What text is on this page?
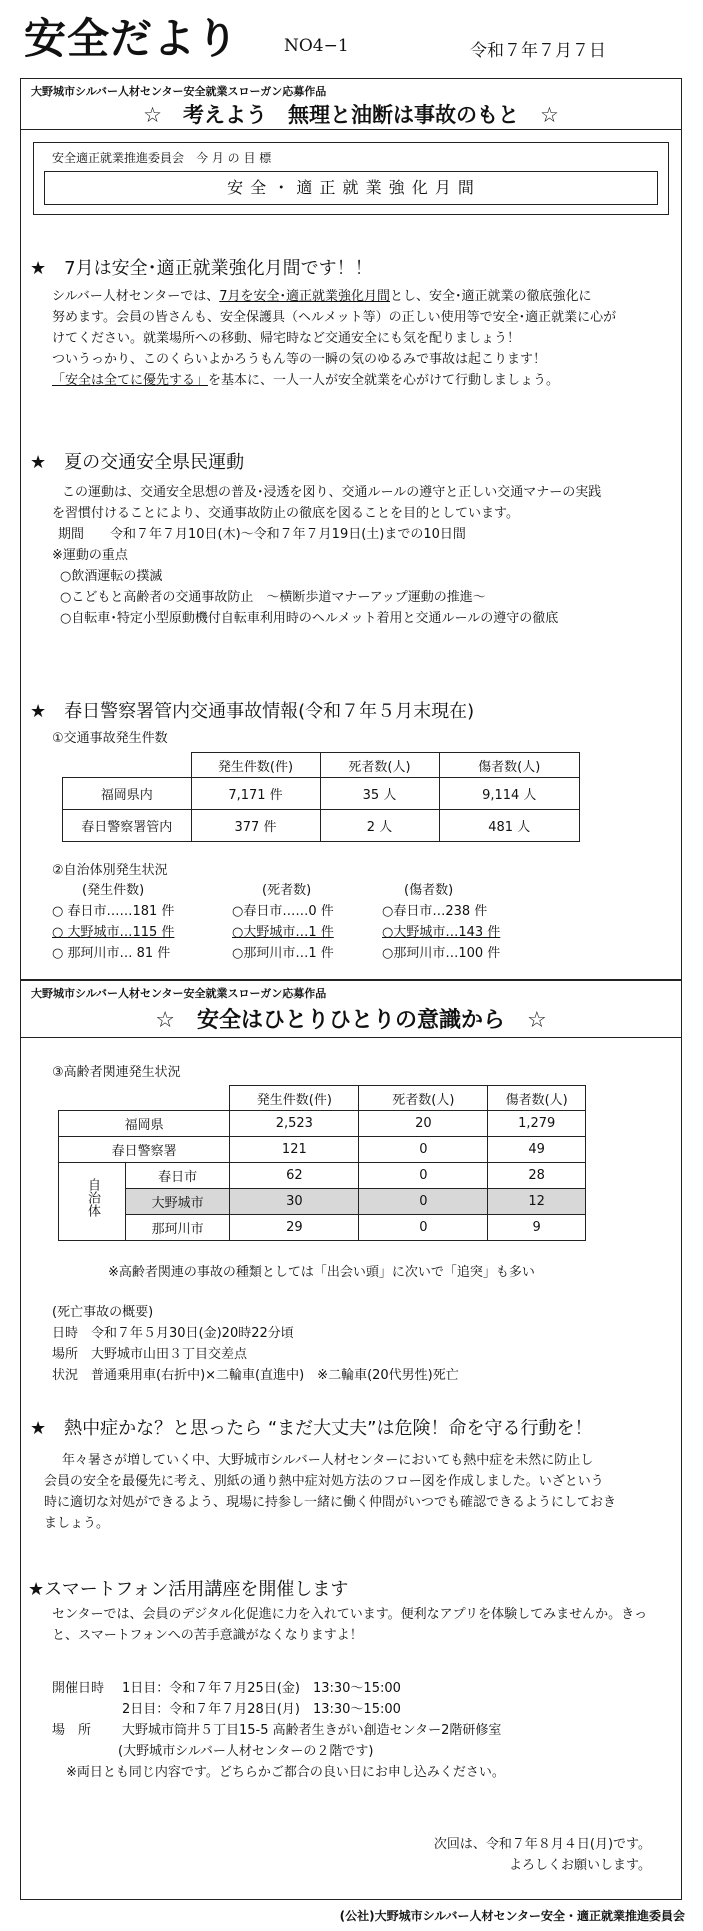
安全だより	NO4−1	令和７年７月７日
大野城市シルバー人材センター安全就業スローガン応募作品
☆　考えよう　無理と油断は事故のもと　☆
安全適正就業推進委員会　今 月 の 目 標
安 全 ・ 適 正 就 業 強 化 月 間
★　7月は安全･適正就業強化月間です！！
シルバー人材センターでは、7月を安全･適正就業強化月間とし、安全･適正就業の徹底強化に
努めます。会員の皆さんも、安全保護具（ヘルメット等）の正しい使用等で安全･適正就業に心が
けてください。就業場所への移動、帰宅時など交通安全にも気を配りましょう！
ついうっかり、このくらいよかろうもん等の一瞬の気のゆるみで事故は起こります！
「安全は全てに優先する」を基本に、一人一人が安全就業を心がけて行動しましょう。
★　夏の交通安全県民運動
この運動は、交通安全思想の普及･浸透を図り、交通ルールの遵守と正しい交通マナーの実践
を習慣付けることにより、交通事故防止の徹底を図ることを目的としています。
期間　　令和７年７月10日(木)～令和７年７月19日(土)までの10日間
※運動の重点
○飲酒運転の撲滅
○こどもと高齢者の交通事故防止　～横断歩道マナーアップ運動の推進～
○自転車･特定小型原動機付自転車利用時のヘルメット着用と交通ルールの遵守の徹底
★　春日警察署管内交通事故情報(令和７年５月末現在)
①交通事故発生件数
	発生件数(件)	死者数(人)	傷者数(人)
福岡県内	7,171 件	35 人	9,114 人
春日警察署管内	377 件	2 人	481 人
②自治体別発生状況
(発生件数)	(死者数)	(傷者数)
○ 春日市……181 件	○春日市……0 件	○春日市…238 件
○ 大野城市…115 件	○大野城市…1 件	○大野城市…143 件
○ 那珂川市… 81 件	○那珂川市…1 件	○那珂川市…100 件
大野城市シルバー人材センター安全就業スローガン応募作品
☆　安全はひとりひとりの意識から　☆
③高齢者関連発生状況
		発生件数(件)	死者数(人)	傷者数(人)
福岡県		2,523	20	1,279
春日警察署		121	0	49
自治体	春日市	62	0	28
	大野城市	30	0	12
	那珂川市	29	0	9
※高齢者関連の事故の種類としては「出会い頭」に次いで「追突」も多い
(死亡事故の概要)
日時　令和７年５月30日(金)20時22分頃
場所　大野城市山田３丁目交差点
状況　普通乗用車(右折中)×二輪車(直進中)　※二輪車(20代男性)死亡
★　熱中症かな？と思ったら “まだ大丈夫”は危険！命を守る行動を！
年々暑さが増していく中、大野城市シルバー人材センターにおいても熱中症を未然に防止し
会員の安全を最優先に考え、別紙の通り熱中症対処方法のフロー図を作成しました。いざという
時に適切な対処ができるよう、現場に持参し一緒に働く仲間がいつでも確認できるようにしておき
ましょう。
★スマートフォン活用講座を開催します
センターでは、会員のデジタル化促進に力を入れています。便利なアプリを体験してみませんか。きっと、スマートフォンへの苦手意識がなくなりますよ！
開催日時	1日目：令和７年７月25日(金)　13:30～15:00
2日目：令和７年７月28日(月)　13:30～15:00
場　所	大野城市筒井５丁目15-5 高齢者生きがい創造センター2階研修室
(大野城市シルバー人材センターの２階です)
※両日とも同じ内容です。どちらかご都合の良い日にお申し込みください。
次回は、令和７年８月４日(月)です。
よろしくお願いします。
(公社)大野城市シルバー人材センター安全・適正就業推進委員会
